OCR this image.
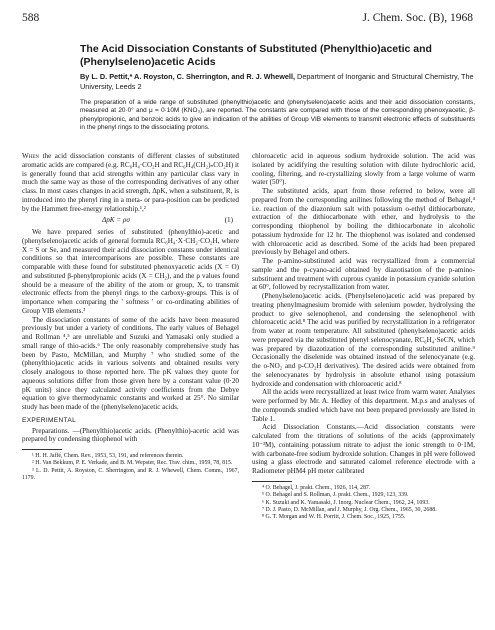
588	J. Chem. Soc. (B), 1968
The Acid Dissociation Constants of Substituted (Phenylthio)acetic and (Phenylseleno)acetic Acids

By L. D. Pettit,* A. Royston, C. Sherrington, and R. J. Whewell, Department of Inorganic and Structural Chemistry, The University, Leeds 2

The preparation of a wide range of substituted (phenylthio)acetic and (phenylseleno)acetic acids and their acid dissociation constants, measured at 20·0° and μ = 0·10M (KNO₃), are reported. The constants are compared with those of the corresponding phenoxyacetic, β-phenylpropionic, and benzoic acids to give an indication of the abilities of Group VIB elements to transmit electronic effects of substituents in the phenyl rings to the dissociating protons.

When the acid dissociation constants of different classes of substituted aromatic acids are compared (e.g. RC₆H₄·CO₂H and RC₆H₄(CH₂)ₙCO₂H) it is generally found that acid strengths within any particular class vary in much the same way as those of the corresponding derivatives of any other class. In most cases changes in acid strength, ΔpK, when a substituent, R, is introduced into the phenyl ring in a meta- or para-position can be predicted by the Hammett free-energy relationship.¹,²

ΔpK = ρσ	(1)

We have prepared series of substituted (phenylthio)-acetic and (phenylseleno)acetic acids of general formula RC₆H₄·X·CH₂·CO₂H, where X = S or Se, and measured their acid dissociation constants under identical conditions so that intercomparisons are possible. These constants are comparable with these found for substituted phenoxyacetic acids (X = O) and substituted β-phenylpropionic acids (X = CH₂), and the ρ values found should be a measure of the ability of the atom or group, X, to transmit electronic effects from the phenyl rings to the carboxy-groups. This is of importance when comparing the ' softness ' or co-ordinating abilities of Group VIB elements.³

The dissociation constants of some of the acids have been measured previously but under a variety of conditions. The early values of Behagel and Rollman ⁴,⁵ are unreliable and Suzuki and Yamasaki only studied a small range of thio-acids.⁶ The only reasonably comprehensive study has been by Pasto, McMillan, and Murphy ⁷ who studied some of the (phenylthio)acetic acids in various solvents and obtained results very closely analogous to those reported here. The pK values they quote for aqueous solutions differ from those given here by a constant value (0·20 pK units) since they calculated activity coefficients from the Debye equation to give thermodynamic constants and worked at 25°. No similar study has been made of the (phenylseleno)acetic acids.

EXPERIMENTAL

Preparations. —(Phenylthio)acetic acids. (Phenylthio)-acetic acid was prepared by condensing thiophenol with

¹ H. H. Jaffé, Chem. Rev., 1953, 53, 191, and references therein.

² H. Van Bekkum, P. E. Verkade, and B. M. Wepster, Rec. Trav. chim., 1959, 78, 815.

³ L. D. Pettit, A. Royston, C. Sherrington, and R. J. Whewell, Chem. Comm., 1967, 1179.

chloroacetic acid in aqueous sodium hydroxide solution. The acid was isolated by acidifying the resulting solution with dilute hydrochloric acid, cooling, filtering, and re-crystallizing slowly from a large volume of warm water (50°).

The substituted acids, apart from those referred to below, were all prepared from the corresponding anilines following the method of Behagel,⁴ i.e. reaction of the diazonium salt with potassium o-ethyl dithiocarbonate, extraction of the dithiocarbonate with ether, and hydrolysis to the corresponding thiophenol by boiling the dithiocarbonate in alcoholic potassium hydroxide for 12 hr. The thiophenol was isolated and condensed with chloroacetic acid as described. Some of the acids had been prepared previously by Behagel and others.

The p-amino-substituted acid was recrystallized from a commercial sample and the p-cyano-acid obtained by diazotisation of the p-amino-substituent and treatment with cuprous cyanide in potassium cyanide solution at 60°, followed by recrystallization from water.

(Phenylseleno)acetic acids. (Phenylseleno)acetic acid was prepared by treating phenylmagnesium bromide with selenium powder, hydrolysing the product to give selenophenol, and condensing the selenophenol with chloroacetic acid.⁸ The acid was purified by recrystallization in a refrigerator from water at room temperature. All substituted (phenylseleno)acetic acids were prepared via the substituted phenyl selenocyanate, RC₆H₄·SeCN, which was prepared by diazotization of the corresponding substituted aniline.⁹ Occasionally the diselenide was obtained instead of the selenocyanate (e.g. the o-NO₂ and p-CO₂H derivatives). The desired acids were obtained from the selenocyanates by hydrolysis in absolute ethanol using potassium hydroxide and condensation with chloroacetic acid.⁸

All the acids were recrystallized at least twice from warm water. Analyses were performed by Mr. A. Hedley of this department. M.p.s and analyses of the compounds studied which have not been prepared previously are listed in Table 1.

Acid Dissociation Constants.—Acid dissociation constants were calculated from the titrations of solutions of the acids (approximately 10⁻³M), containing potassium nitrate to adjust the ionic strength to 0·1M, with carbonate-free sodium hydroxide solution. Changes in pH were followed using a glass electrode and saturated calomel reference electrode with a Radiometer pHM4 pH meter calibrated

⁴ O. Behagel, J. prakt. Chem., 1926, 114, 287.

⁵ O. Behagel and S. Rollman, J. prakt. Chem., 1929, 123, 339.

⁶ K. Suzuki and K. Yamasaki, J. Inorg. Nuclear Chem., 1962, 24, 1093.

⁷ D. J. Pasto, D. McMillan, and J. Murphy, J. Org. Chem., 1965, 30, 2688.

⁸ G. T. Morgan and W. H. Porritt, J. Chem. Soc., 1925, 1755.
